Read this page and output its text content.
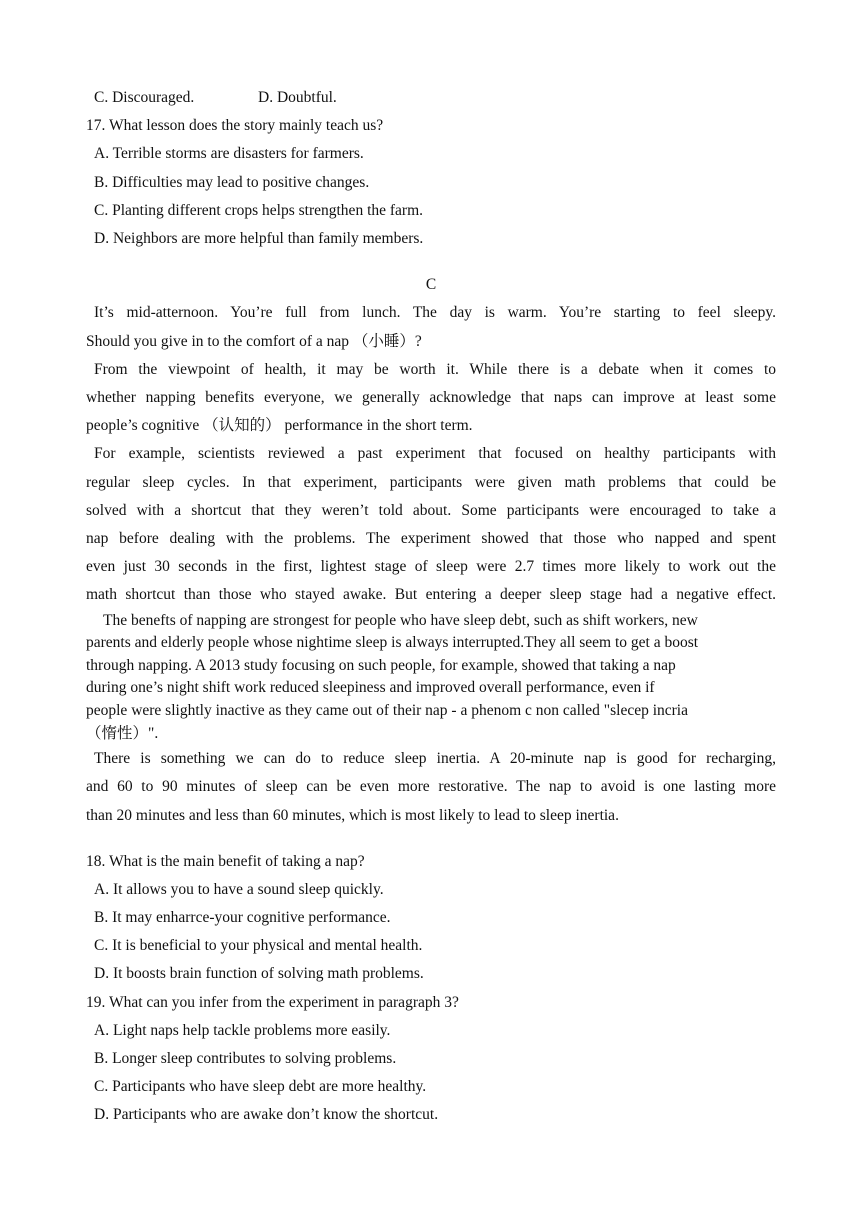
C. Discouraged.	D. Doubtful.
17. What lesson does the story mainly teach us?
A. Terrible storms are disasters for farmers.
B. Difficulties may lead to positive changes.
C. Planting different crops helps strengthen the farm.
D. Neighbors are more helpful than family members.
C
It’s mid-atternoon. You’re full from lunch. The day is warm. You’re starting to feel sleepy.
Should you give in to the comfort of a nap （小睡）?
From the viewpoint of health, it may be worth it. While there is a debate when it comes to
whether napping benefits everyone, we generally acknowledge that naps can improve at least some
people’s cognitive （认知的） performance in the short term.
For example, scientists reviewed a past experiment that focused on healthy participants with
regular sleep cycles. In that experiment, participants were given math problems that could be
solved with a shortcut that they weren’t told about. Some participants were encouraged to take a
nap before dealing with the problems. The experiment showed that those who napped and spent
even just 30 seconds in the first, lightest stage of sleep were 2.7 times more likely to work out the
math shortcut than those who stayed awake. But entering a deeper sleep stage had a negative effect.
The benefts of napping are strongest for people who have sleep debt, such as shift workers, new
parents and elderly people whose nightime sleep is always interrupted.They all seem to get a boost
through napping. A 2013 study focusing on such people, for example, showed that taking a nap
during one’s night shift work reduced sleepiness and improved overall performance, even if
people were slightly inactive as they came out of their nap - a phenom c non called "slecep incria
（惰性）".
There is something we can do to reduce sleep inertia. A 20-minute nap is good for recharging,
and 60 to 90 minutes of sleep can be even more restorative. The nap to avoid is one lasting more
than 20 minutes and less than 60 minutes, which is most likely to lead to sleep inertia.
18. What is the main benefit of taking a nap?
A. It allows you to have a sound sleep quickly.
B. It may enharrce-your cognitive performance.
C. It is beneficial to your physical and mental health.
D. It boosts brain function of solving math problems.
19. What can you infer from the experiment in paragraph 3?
A. Light naps help tackle problems more easily.
B. Longer sleep contributes to solving problems.
C. Participants who have sleep debt are more healthy.
D. Participants who are awake don’t know the shortcut.
